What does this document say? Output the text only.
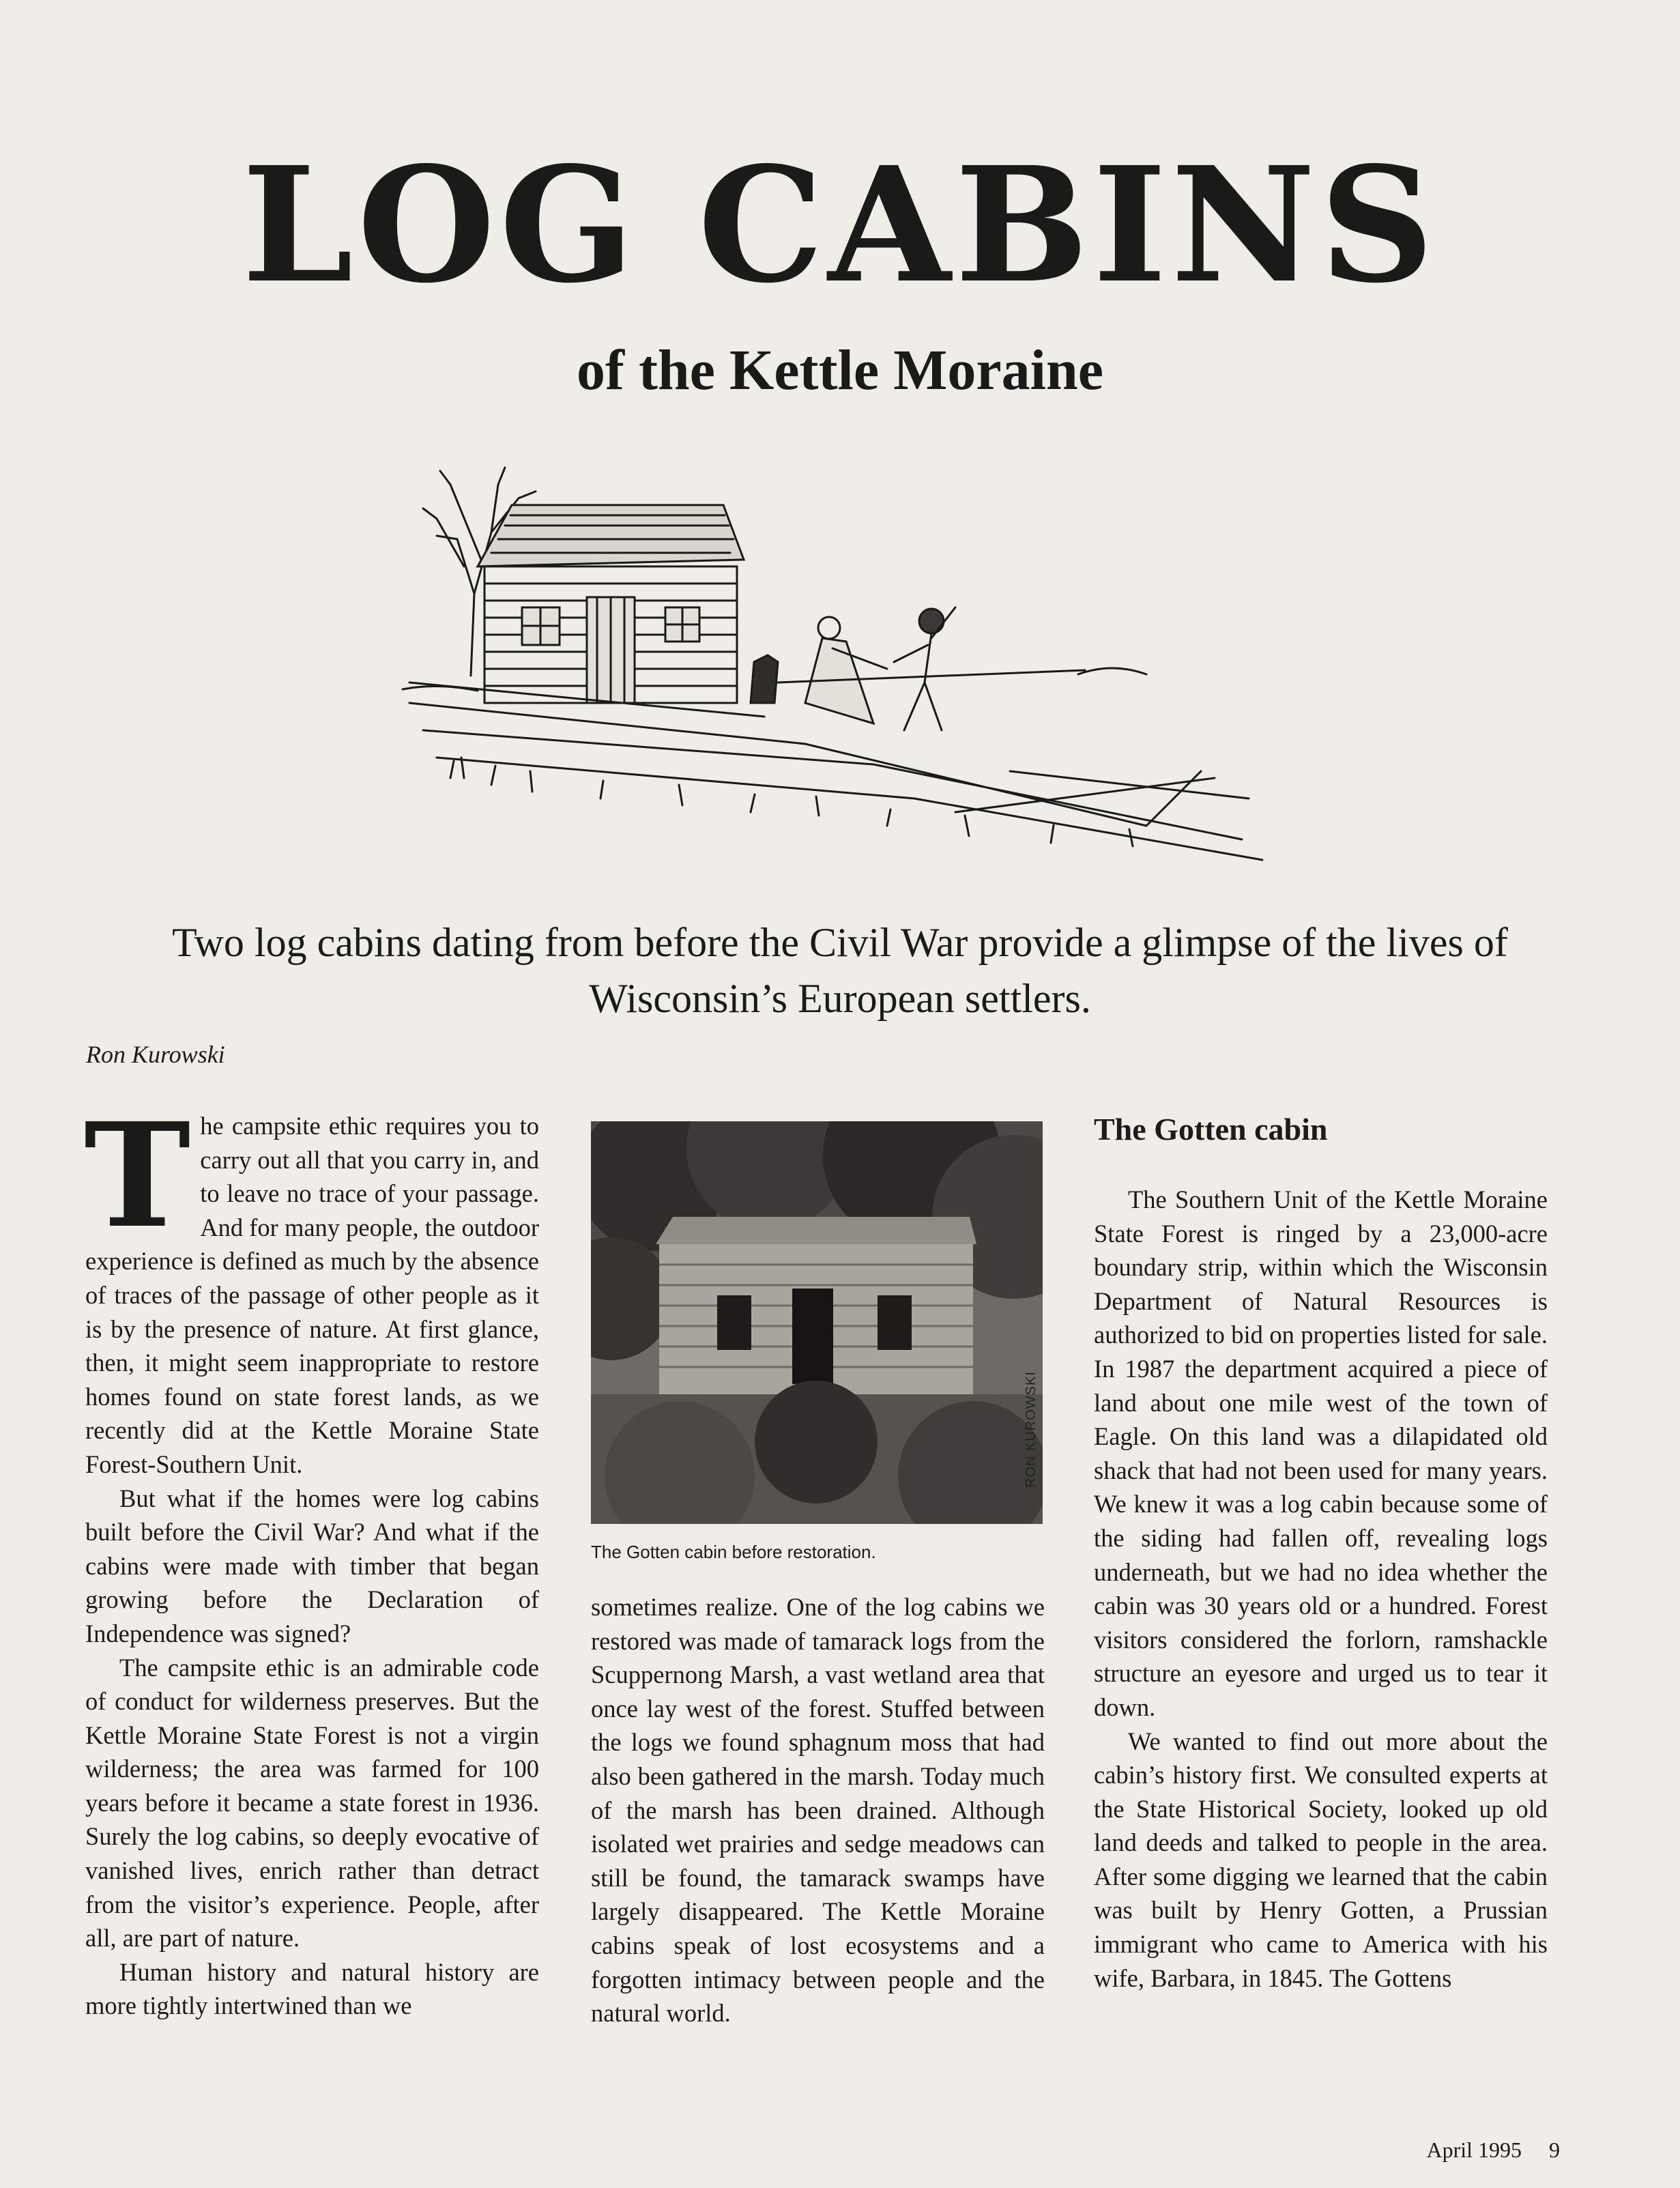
LOG CABINS
of the Kettle Moraine

Two log cabins dating from before the Civil War provide a glimpse of the lives of Wisconsin’s European settlers.

Ron Kurowski

T he campsite ethic requires you to carry out all that you carry in, and to leave no trace of your passage. And for many people, the outdoor experience is defined as much by the absence of traces of the passage of other people as it is by the presence of nature. At first glance, then, it might seem inappropriate to restore homes found on state forest lands, as we recently did at the Kettle Moraine State Forest-Southern Unit.

But what if the homes were log cabins built before the Civil War? And what if the cabins were made with timber that began growing before the Declaration of Independence was signed?

The campsite ethic is an admirable code of conduct for wilderness preserves. But the Kettle Moraine State Forest is not a virgin wilderness; the area was farmed for 100 years before it became a state forest in 1936. Surely the log cabins, so deeply evocative of vanished lives, enrich rather than detract from the visitor’s experience. People, after all, are part of nature.

Human history and natural history are more tightly intertwined than we

RON KUROWSKI

The Gotten cabin before restoration.

sometimes realize. One of the log cabins we restored was made of tamarack logs from the Scuppernong Marsh, a vast wetland area that once lay west of the forest. Stuffed between the logs we found sphagnum moss that had also been gathered in the marsh. Today much of the marsh has been drained. Although isolated wet prairies and sedge meadows can still be found, the tamarack swamps have largely disappeared. The Kettle Moraine cabins speak of lost ecosystems and a forgotten intimacy between people and the natural world.

The Gotten cabin

The Southern Unit of the Kettle Moraine State Forest is ringed by a 23,000-acre boundary strip, within which the Wisconsin Department of Natural Resources is authorized to bid on properties listed for sale. In 1987 the department acquired a piece of land about one mile west of the town of Eagle. On this land was a dilapidated old shack that had not been used for many years. We knew it was a log cabin because some of the siding had fallen off, revealing logs underneath, but we had no idea whether the cabin was 30 years old or a hundred. Forest visitors considered the forlorn, ramshackle structure an eyesore and urged us to tear it down.

We wanted to find out more about the cabin’s history first. We consulted experts at the State Historical Society, looked up old land deeds and talked to people in the area. After some digging we learned that the cabin was built by Henry Gotten, a Prussian immigrant who came to America with his wife, Barbara, in 1845. The Gottens

April 1995 9
